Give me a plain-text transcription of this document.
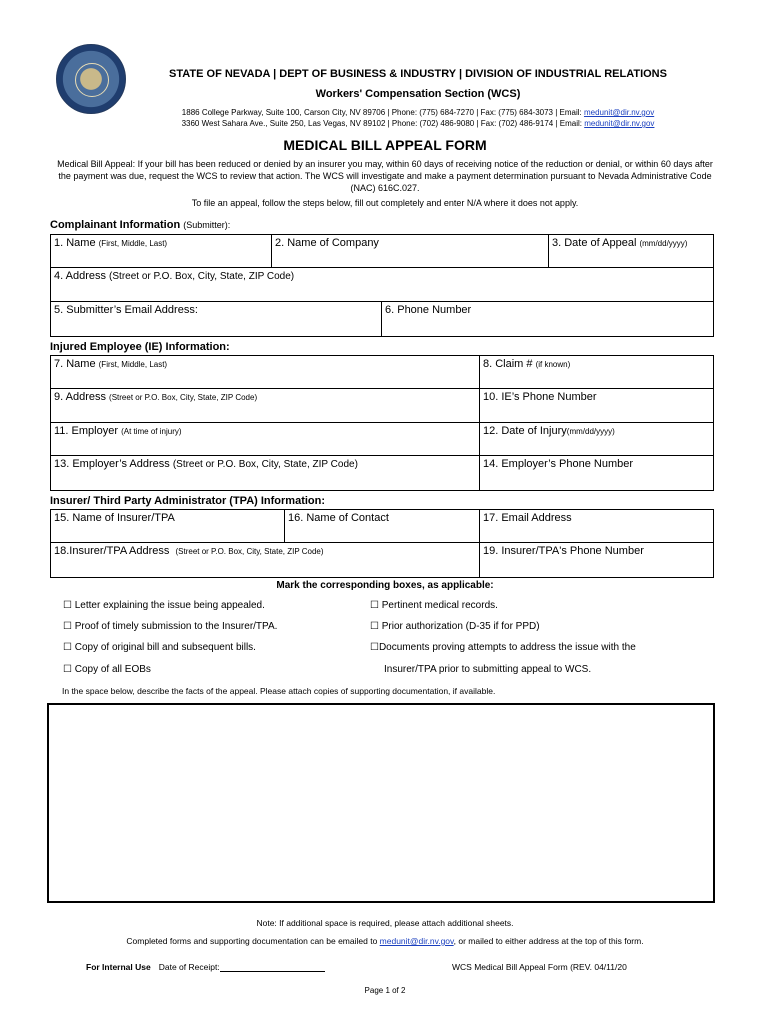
STATE OF NEVADA | DEPT OF BUSINESS & INDUSTRY | DIVISION OF INDUSTRIAL RELATIONS
Workers' Compensation Section (WCS)
1886 College Parkway, Suite 100, Carson City, NV 89706 | Phone: (775) 684-7270 | Fax: (775) 684-3073 | Email: medunit@dir.nv.gov
3360 West Sahara Ave., Suite 250, Las Vegas, NV 89102 | Phone: (702) 486-9080 | Fax: (702) 486-9174 | Email: medunit@dir.nv.gov
MEDICAL BILL APPEAL FORM
Medical Bill Appeal: If your bill has been reduced or denied by an insurer you may, within 60 days of receiving notice of the reduction or denial, or within 60 days after the payment was due, request the WCS to review that action. The WCS will investigate and make a payment determination pursuant to Nevada Administrative Code (NAC) 616C.027.
To file an appeal, follow the steps below, fill out completely and enter N/A where it does not apply.
Complainant Information (Submitter):
1. Name (First, Middle, Last)	2. Name of Company	3. Date of Appeal (mm/dd/yyyy)
4. Address (Street or P.O. Box, City, State, ZIP Code)
5. Submitter’s Email Address:	6. Phone Number
Injured Employee (IE) Information:
7. Name (First, Middle, Last)	8. Claim # (if known)
9. Address (Street or P.O. Box, City, State, ZIP Code)	10. IE’s Phone Number
11. Employer (At time of injury)	12. Date of Injury(mm/dd/yyyy)
13. Employer’s Address (Street or P.O. Box, City, State, ZIP Code)	14. Employer’s Phone Number
Insurer/ Third Party Administrator (TPA) Information:
15. Name of Insurer/TPA	16. Name of Contact	17. Email Address
18.Insurer/TPA Address (Street or P.O. Box, City, State, ZIP Code)	19. Insurer/TPA's Phone Number
Mark the corresponding boxes, as applicable:
☐ Letter explaining the issue being appealed.
☐ Proof of timely submission to the Insurer/TPA.
☐ Copy of original bill and subsequent bills.
☐ Copy of all EOBs
☐ Pertinent medical records.
☐ Prior authorization (D-35 if for PPD)
☐Documents proving attempts to address the issue with the
Insurer/TPA prior to submitting appeal to WCS.
In the space below, describe the facts of the appeal. Please attach copies of supporting documentation, if available.
Note: If additional space is required, please attach additional sheets.
Completed forms and supporting documentation can be emailed to medunit@dir.nv.gov, or mailed to either address at the top of this form.
For Internal Use Date of Receipt:	WCS Medical Bill Appeal Form (REV. 04/11/20
Page 1 of 2
